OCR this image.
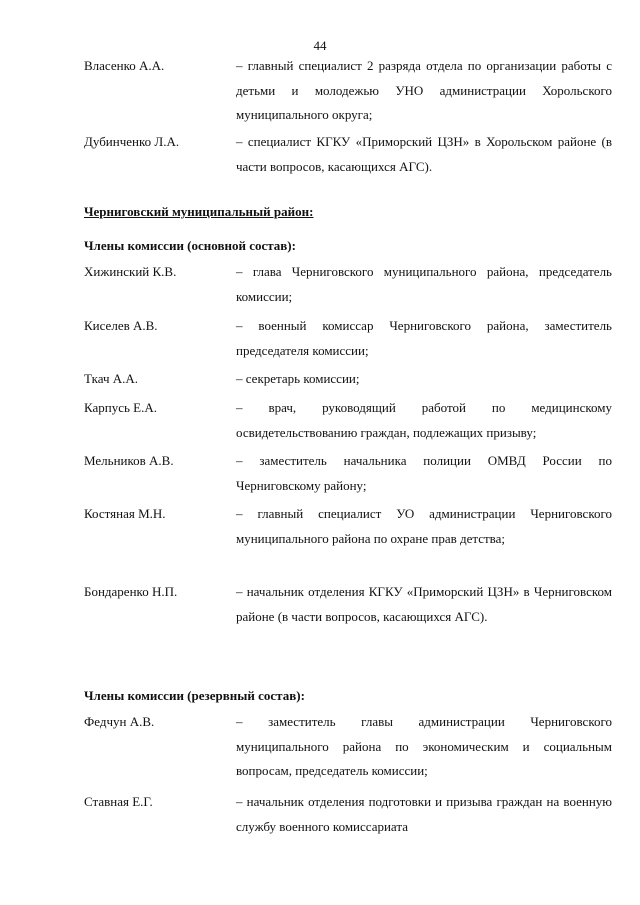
44
Власенко А.А.	– главный специалист 2 разряда отдела по организации работы с детьми и молодежью УНО администрации Хорольского муниципального округа;
Дубинченко Л.А.	– специалист КГКУ «Приморский ЦЗН» в Хорольском районе (в части вопросов, касающихся АГС).
Черниговский муниципальный район:
Члены комиссии (основной состав):
Хижинский К.В.	– глава Черниговского муниципального района, председатель комиссии;
Киселев А.В.	– военный комиссар Черниговского района, заместитель председателя комиссии;
Ткач А.А.	– секретарь комиссии;
Карпусь Е.А.	– врач, руководящий работой по медицинскому освидетельствованию граждан, подлежащих призыву;
Мельников А.В.	– заместитель начальника полиции ОМВД России по Черниговскому району;
Костяная М.Н.	– главный специалист УО администрации Черниговского муниципального района по охране прав детства;
Бондаренко Н.П.	– начальник отделения КГКУ «Приморский ЦЗН» в Черниговском районе (в части вопросов, касающихся АГС).
Члены комиссии (резервный состав):
Федчун А.В.	– заместитель главы администрации Черниговского муниципального района по экономическим и социальным вопросам, председатель комиссии;
Ставная Е.Г.	– начальник отделения подготовки и призыва граждан на военную службу военного комиссариата
